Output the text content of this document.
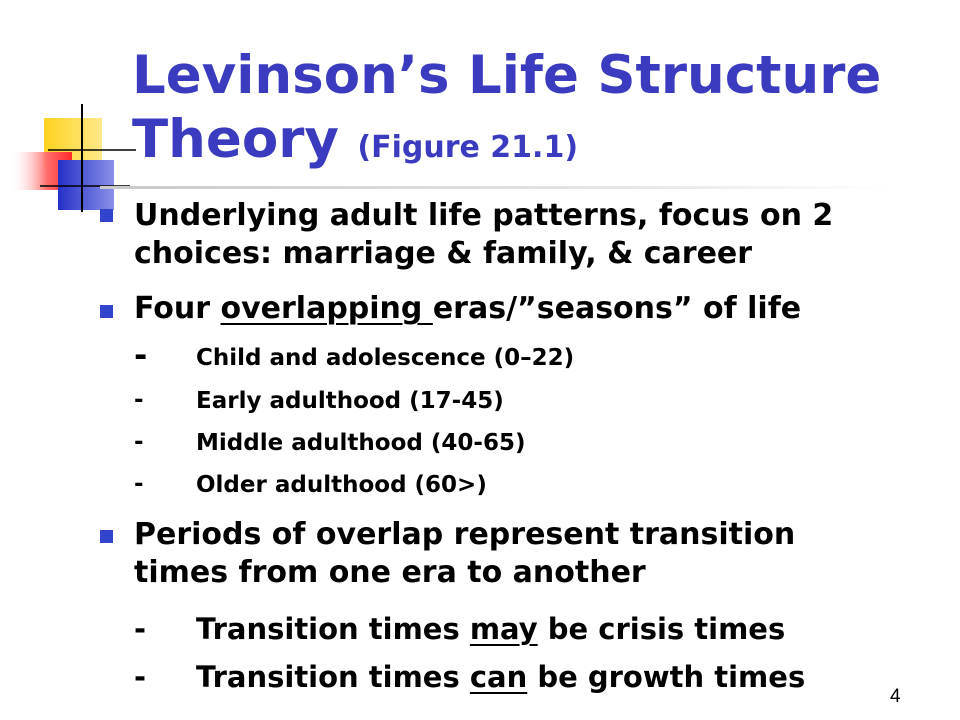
Levinson’s Life Structure Theory (Figure 21.1)

Underlying adult life patterns, focus on 2

choices: marriage & family, & career

Four overlapping eras/”seasons” of life

- Child and adolescence (0–22)
- Early adulthood (17-45)
- Middle adulthood (40-65)
- Older adulthood (60>)

Periods of overlap represent transition

times from one era to another

- Transition times may be crisis times

- Transition times can be growth times

4
